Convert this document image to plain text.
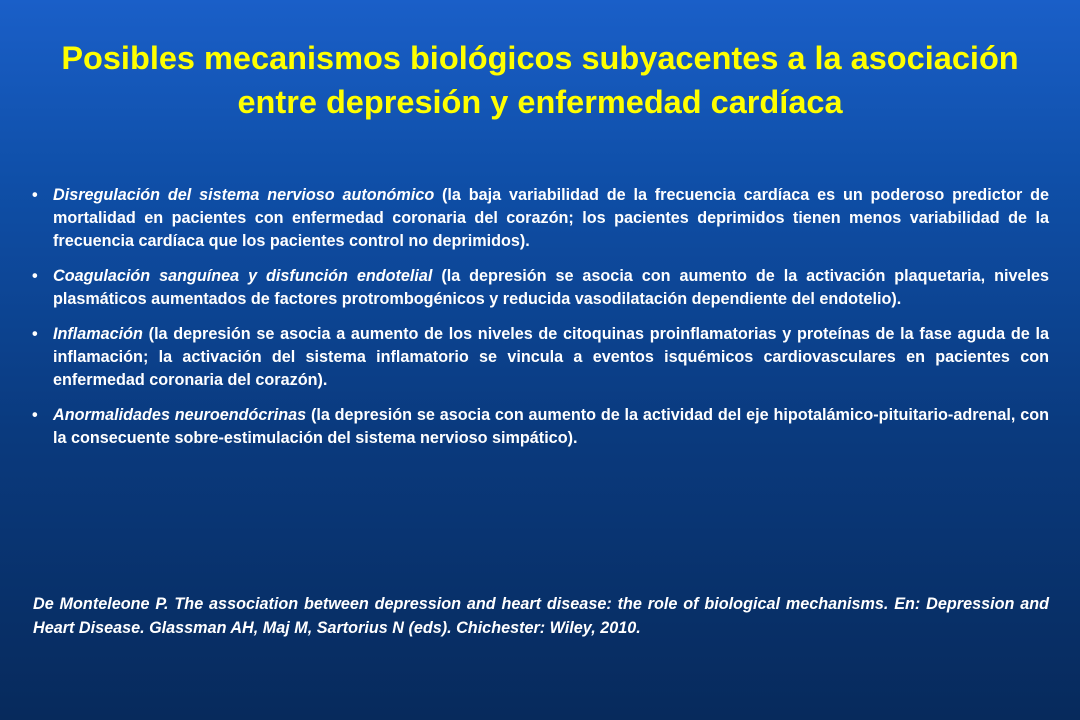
Posibles mecanismos biológicos subyacentes a la asociación entre depresión y enfermedad cardíaca
• Disregulación del sistema nervioso autonómico (la baja variabilidad de la frecuencia cardíaca es un poderoso predictor de mortalidad en pacientes con enfermedad coronaria del corazón; los pacientes deprimidos tienen menos variabilidad de la frecuencia cardíaca que los pacientes control no deprimidos).
• Coagulación sanguínea y disfunción endotelial (la depresión se asocia con aumento de la activación plaquetaria, niveles plasmáticos aumentados de factores protrombogénicos y reducida vasodilatación dependiente del endotelio).
• Inflamación (la depresión se asocia a aumento de los niveles de citoquinas proinflamatorias y proteínas de la fase aguda de la inflamación; la activación del sistema inflamatorio se vincula a eventos isquémicos cardiovasculares en pacientes con enfermedad coronaria del corazón).
• Anormalidades neuroendócrinas (la depresión se asocia con aumento de la actividad del eje hipotalámico-pituitario-adrenal, con la consecuente sobre-estimulación del sistema nervioso simpático).

De Monteleone P. The association between depression and heart disease: the role of biological mechanisms. En: Depression and Heart Disease. Glassman AH, Maj M, Sartorius N (eds). Chichester: Wiley, 2010.
